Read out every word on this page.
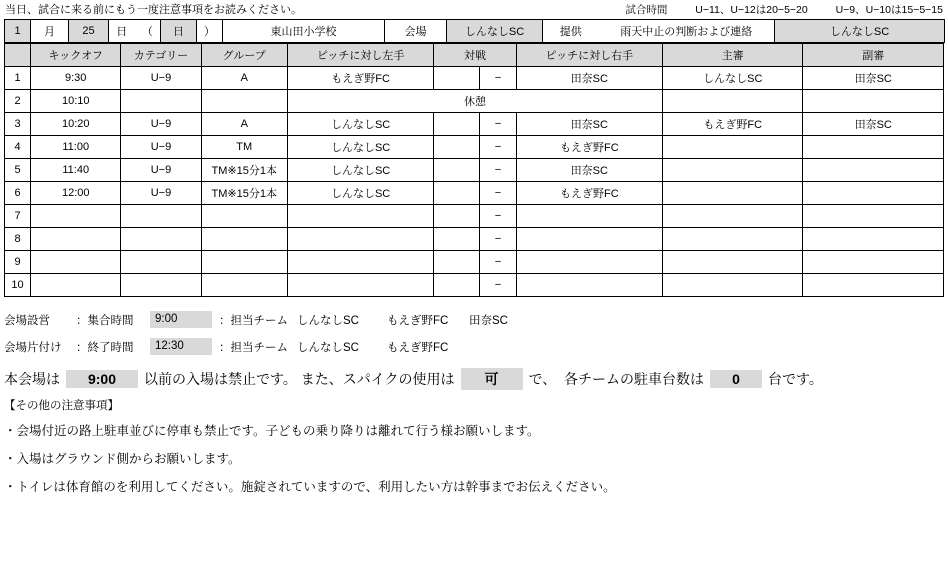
当日、試合に来る前にもう一度注意事項をお読みください。	試合時間	U−11、U−12は20−5−20	U−9、U−10は15−5−15
1	月	25	日	（	日	）	東山田小学校	会場	しんなしSC	提供	雨天中止の判断および連絡	しんなしSC
	キックオフ	カテゴリー	グループ	ピッチに対し左手	対戦		ピッチに対し右手	主審	副審
1	9:30	U−9	A	もえぎ野FC		−	田奈SC	しんなしSC	田奈SC
2	10:10			休憩					
3	10:20	U−9	A	しんなしSC		−	田奈SC	もえぎ野FC	田奈SC
4	11:00	U−9	TM	しんなしSC		−	もえぎ野FC		
5	11:40	U−9	TM※15分1本	しんなしSC		−	田奈SC		
6	12:00	U−9	TM※15分1本	しんなしSC		−	もえぎ野FC		
7						−			
8						−			
9						−			
10						−			
会場設営	：集合時間	9:00	：担当チーム しんなしSC	もえぎ野FC	田奈SC
会場片付け	：終了時間	12:30	：担当チーム しんなしSC	もえぎ野FC
本会場は	9:00	以前の入場は禁止です。
また、スパイクの使用は	可	で、
各チームの駐車台数は	0	台です。
【その他の注意事項】
・会場付近の路上駐車並びに停車も禁止です。子どもの乗り降りは離れて行う様お願いします。
・入場はグラウンド側からお願いします。
・トイレは体育館のを利用してください。施錠されていますので、利用したい方は幹事までお伝えください。
